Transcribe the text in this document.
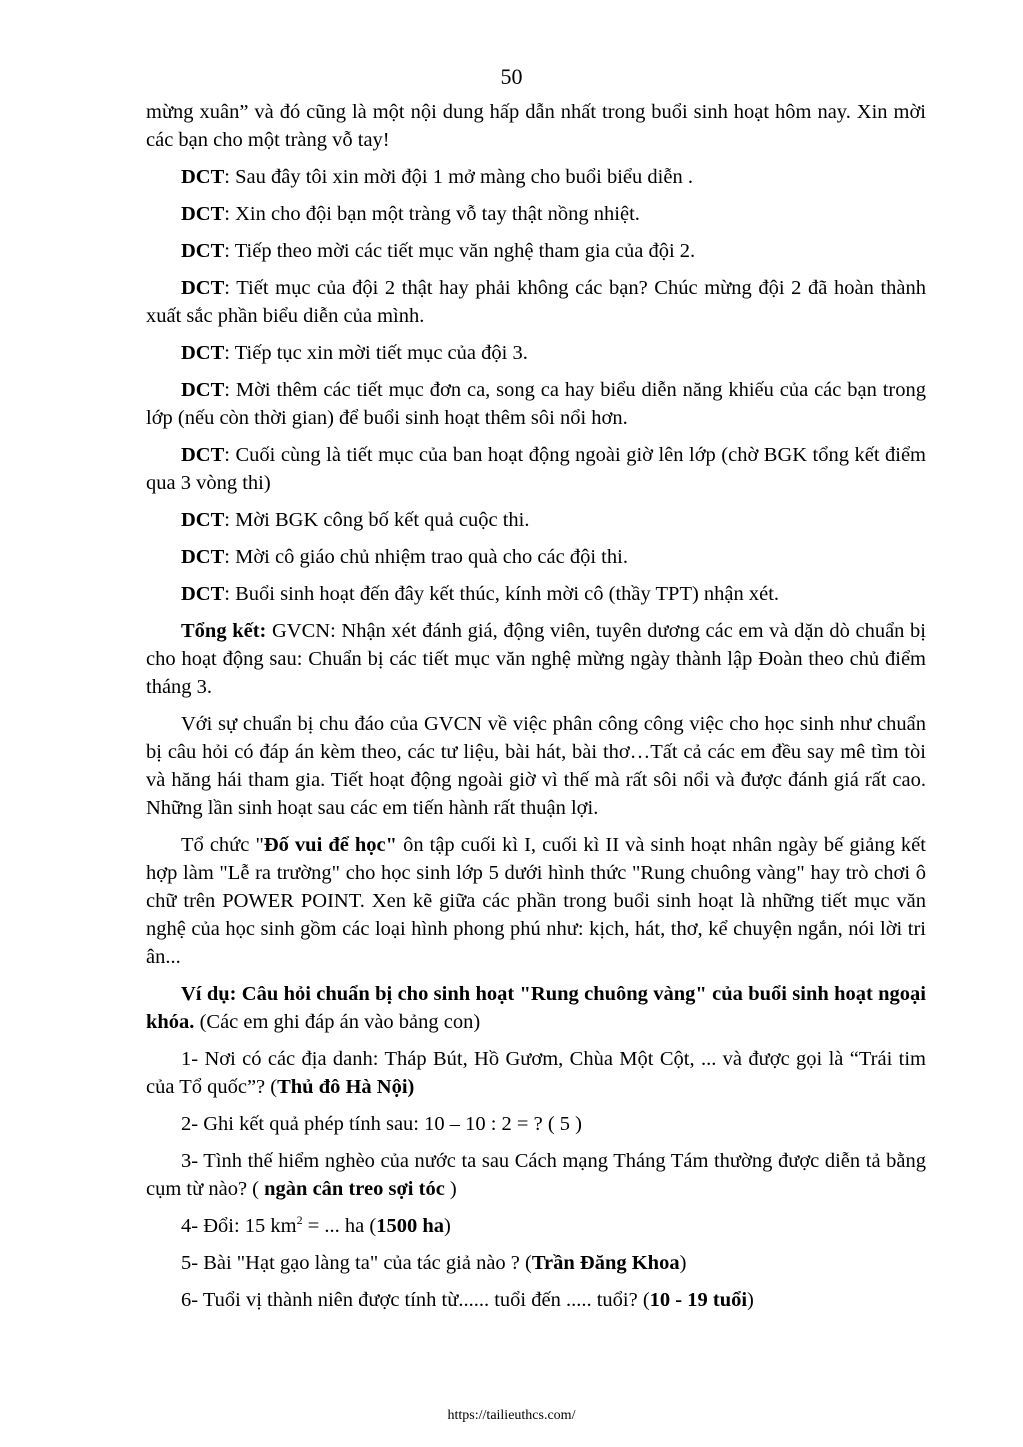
50

mừng xuân” và đó cũng là một nội dung hấp dẫn nhất trong buổi sinh hoạt hôm nay. Xin mời các bạn cho một tràng vỗ tay!

DCT: Sau đây tôi xin mời đội 1 mở màng cho buổi biểu diễn .

DCT: Xin cho đội bạn một tràng vỗ tay thật nồng nhiệt.

DCT: Tiếp theo mời các tiết mục văn nghệ tham gia của đội 2.

DCT: Tiết mục của đội 2 thật hay phải không các bạn? Chúc mừng đội 2 đã hoàn thành xuất sắc phần biểu diễn của mình.

DCT: Tiếp tục xin mời tiết mục của đội 3.

DCT: Mời thêm các tiết mục đơn ca, song ca hay biểu diễn năng khiếu của các bạn trong lớp (nếu còn thời gian) để buổi sinh hoạt thêm sôi nổi hơn.

DCT: Cuối cùng là tiết mục của ban hoạt động ngoài giờ lên lớp (chờ BGK tổng kết điểm qua 3 vòng thi)

DCT: Mời BGK công bố kết quả cuộc thi.

DCT: Mời cô giáo chủ nhiệm trao quà cho các đội thi.

DCT: Buổi sinh hoạt đến đây kết thúc, kính mời cô (thầy TPT) nhận xét.

Tổng kết: GVCN: Nhận xét đánh giá, động viên, tuyên dương các em và dặn dò chuẩn bị cho hoạt động sau: Chuẩn bị các tiết mục văn nghệ mừng ngày thành lập Đoàn theo chủ điểm tháng 3.

Với sự chuẩn bị chu đáo của GVCN về việc phân công công việc cho học sinh như chuẩn bị câu hỏi có đáp án kèm theo, các tư liệu, bài hát, bài thơ…Tất cả các em đều say mê tìm tòi và hăng hái tham gia. Tiết hoạt động ngoài giờ vì thế mà rất sôi nổi và được đánh giá rất cao. Những lần sinh hoạt sau các em tiến hành rất thuận lợi.

Tổ chức "Đố vui để học" ôn tập cuối kì I, cuối kì II và sinh hoạt nhân ngày bế giảng kết hợp làm "Lễ ra trường" cho học sinh lớp 5 dưới hình thức "Rung chuông vàng" hay trò chơi ô chữ trên POWER POINT. Xen kẽ giữa các phần trong buổi sinh hoạt là những tiết mục văn nghệ của học sinh gồm các loại hình phong phú như: kịch, hát, thơ, kể chuyện ngắn, nói lời tri ân...

Ví dụ: Câu hỏi chuẩn bị cho sinh hoạt "Rung chuông vàng" của buổi sinh hoạt ngoại khóa. (Các em ghi đáp án vào bảng con)

1- Nơi có các địa danh: Tháp Bút, Hồ Gươm, Chùa Một Cột, ... và được gọi là “Trái tim của Tổ quốc”? (Thủ đô Hà Nội)

2- Ghi kết quả phép tính sau: 10 – 10 : 2 = ? ( 5 )

3- Tình thế hiểm nghèo của nước ta sau Cách mạng Tháng Tám thường được diễn tả bằng cụm từ nào? ( ngàn cân treo sợi tóc )

4- Đổi: 15 $km^2$ = ... ha (1500 ha)

5- Bài "Hạt gạo làng ta" của tác giả nào ? (Trần Đăng Khoa)

6- Tuổi vị thành niên được tính từ...... tuổi đến ..... tuổi? (10 - 19 tuổi)

https://tailieuthcs.com/
